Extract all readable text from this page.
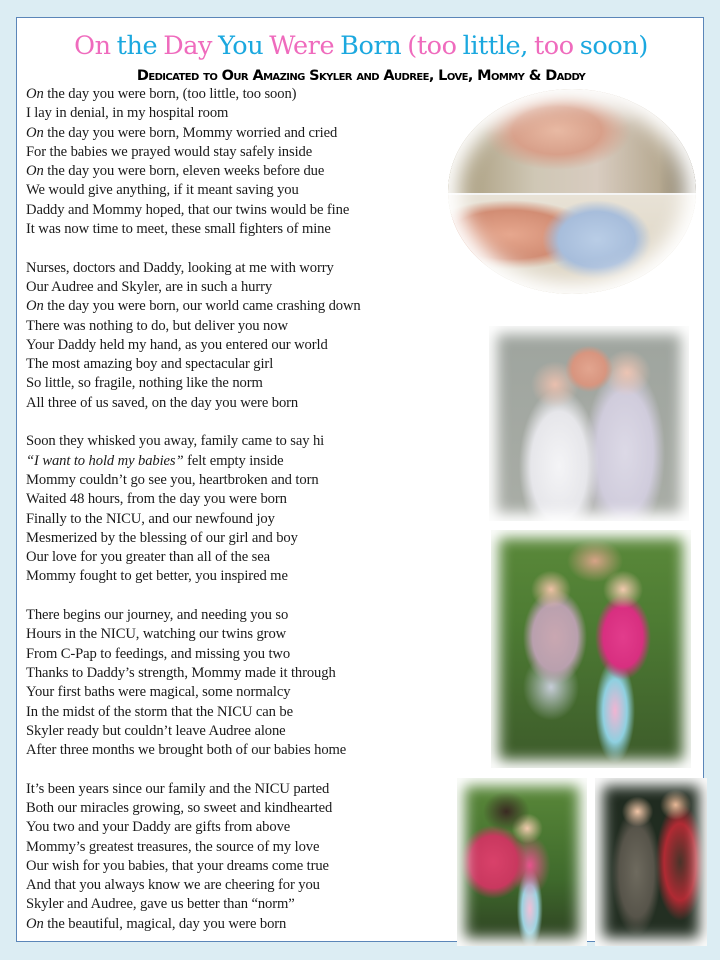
On the Day You Were Born (too little, too soon)
Dedicated to Our Amazing Skyler and Audree, Love, Mommy & Daddy
On the day you were born, (too little, too soon)
I lay in denial, in my hospital room
On the day you were born, Mommy worried and cried
For the babies we prayed would stay safely inside
On the day you were born, eleven weeks before due
We would give anything, if it meant saving you
Daddy and Mommy hoped, that our twins would be fine
It was now time to meet, these small fighters of mine
Nurses, doctors and Daddy, looking at me with worry
Our Audree and Skyler, are in such a hurry
On the day you were born, our world came crashing down
There was nothing to do, but deliver you now
Your Daddy held my hand, as you entered our world
The most amazing boy and spectacular girl
So little, so fragile, nothing like the norm
All three of us saved, on the day you were born
Soon they whisked you away, family came to say hi
“I want to hold my babies” felt empty inside
Mommy couldn’t go see you, heartbroken and torn
Waited 48 hours, from the day you were born
Finally to the NICU, and our newfound joy
Mesmerized by the blessing of our girl and boy
Our love for you greater than all of the sea
Mommy fought to get better, you inspired me
There begins our journey, and needing you so
Hours in the NICU, watching our twins grow
From C-Pap to feedings, and missing you two
Thanks to Daddy’s strength, Mommy made it through
Your first baths were magical, some normalcy
In the midst of the storm that the NICU can be
Skyler ready but couldn’t leave Audree alone
After three months we brought both of our babies home
It’s been years since our family and the NICU parted
Both our miracles growing, so sweet and kindhearted
You two and your Daddy are gifts from above
Mommy’s greatest treasures, the source of my love
Our wish for you babies, that your dreams come true
And that you always know we are cheering for you
Skyler and Audree, gave us better than “norm”
On the beautiful, magical, day you were born
